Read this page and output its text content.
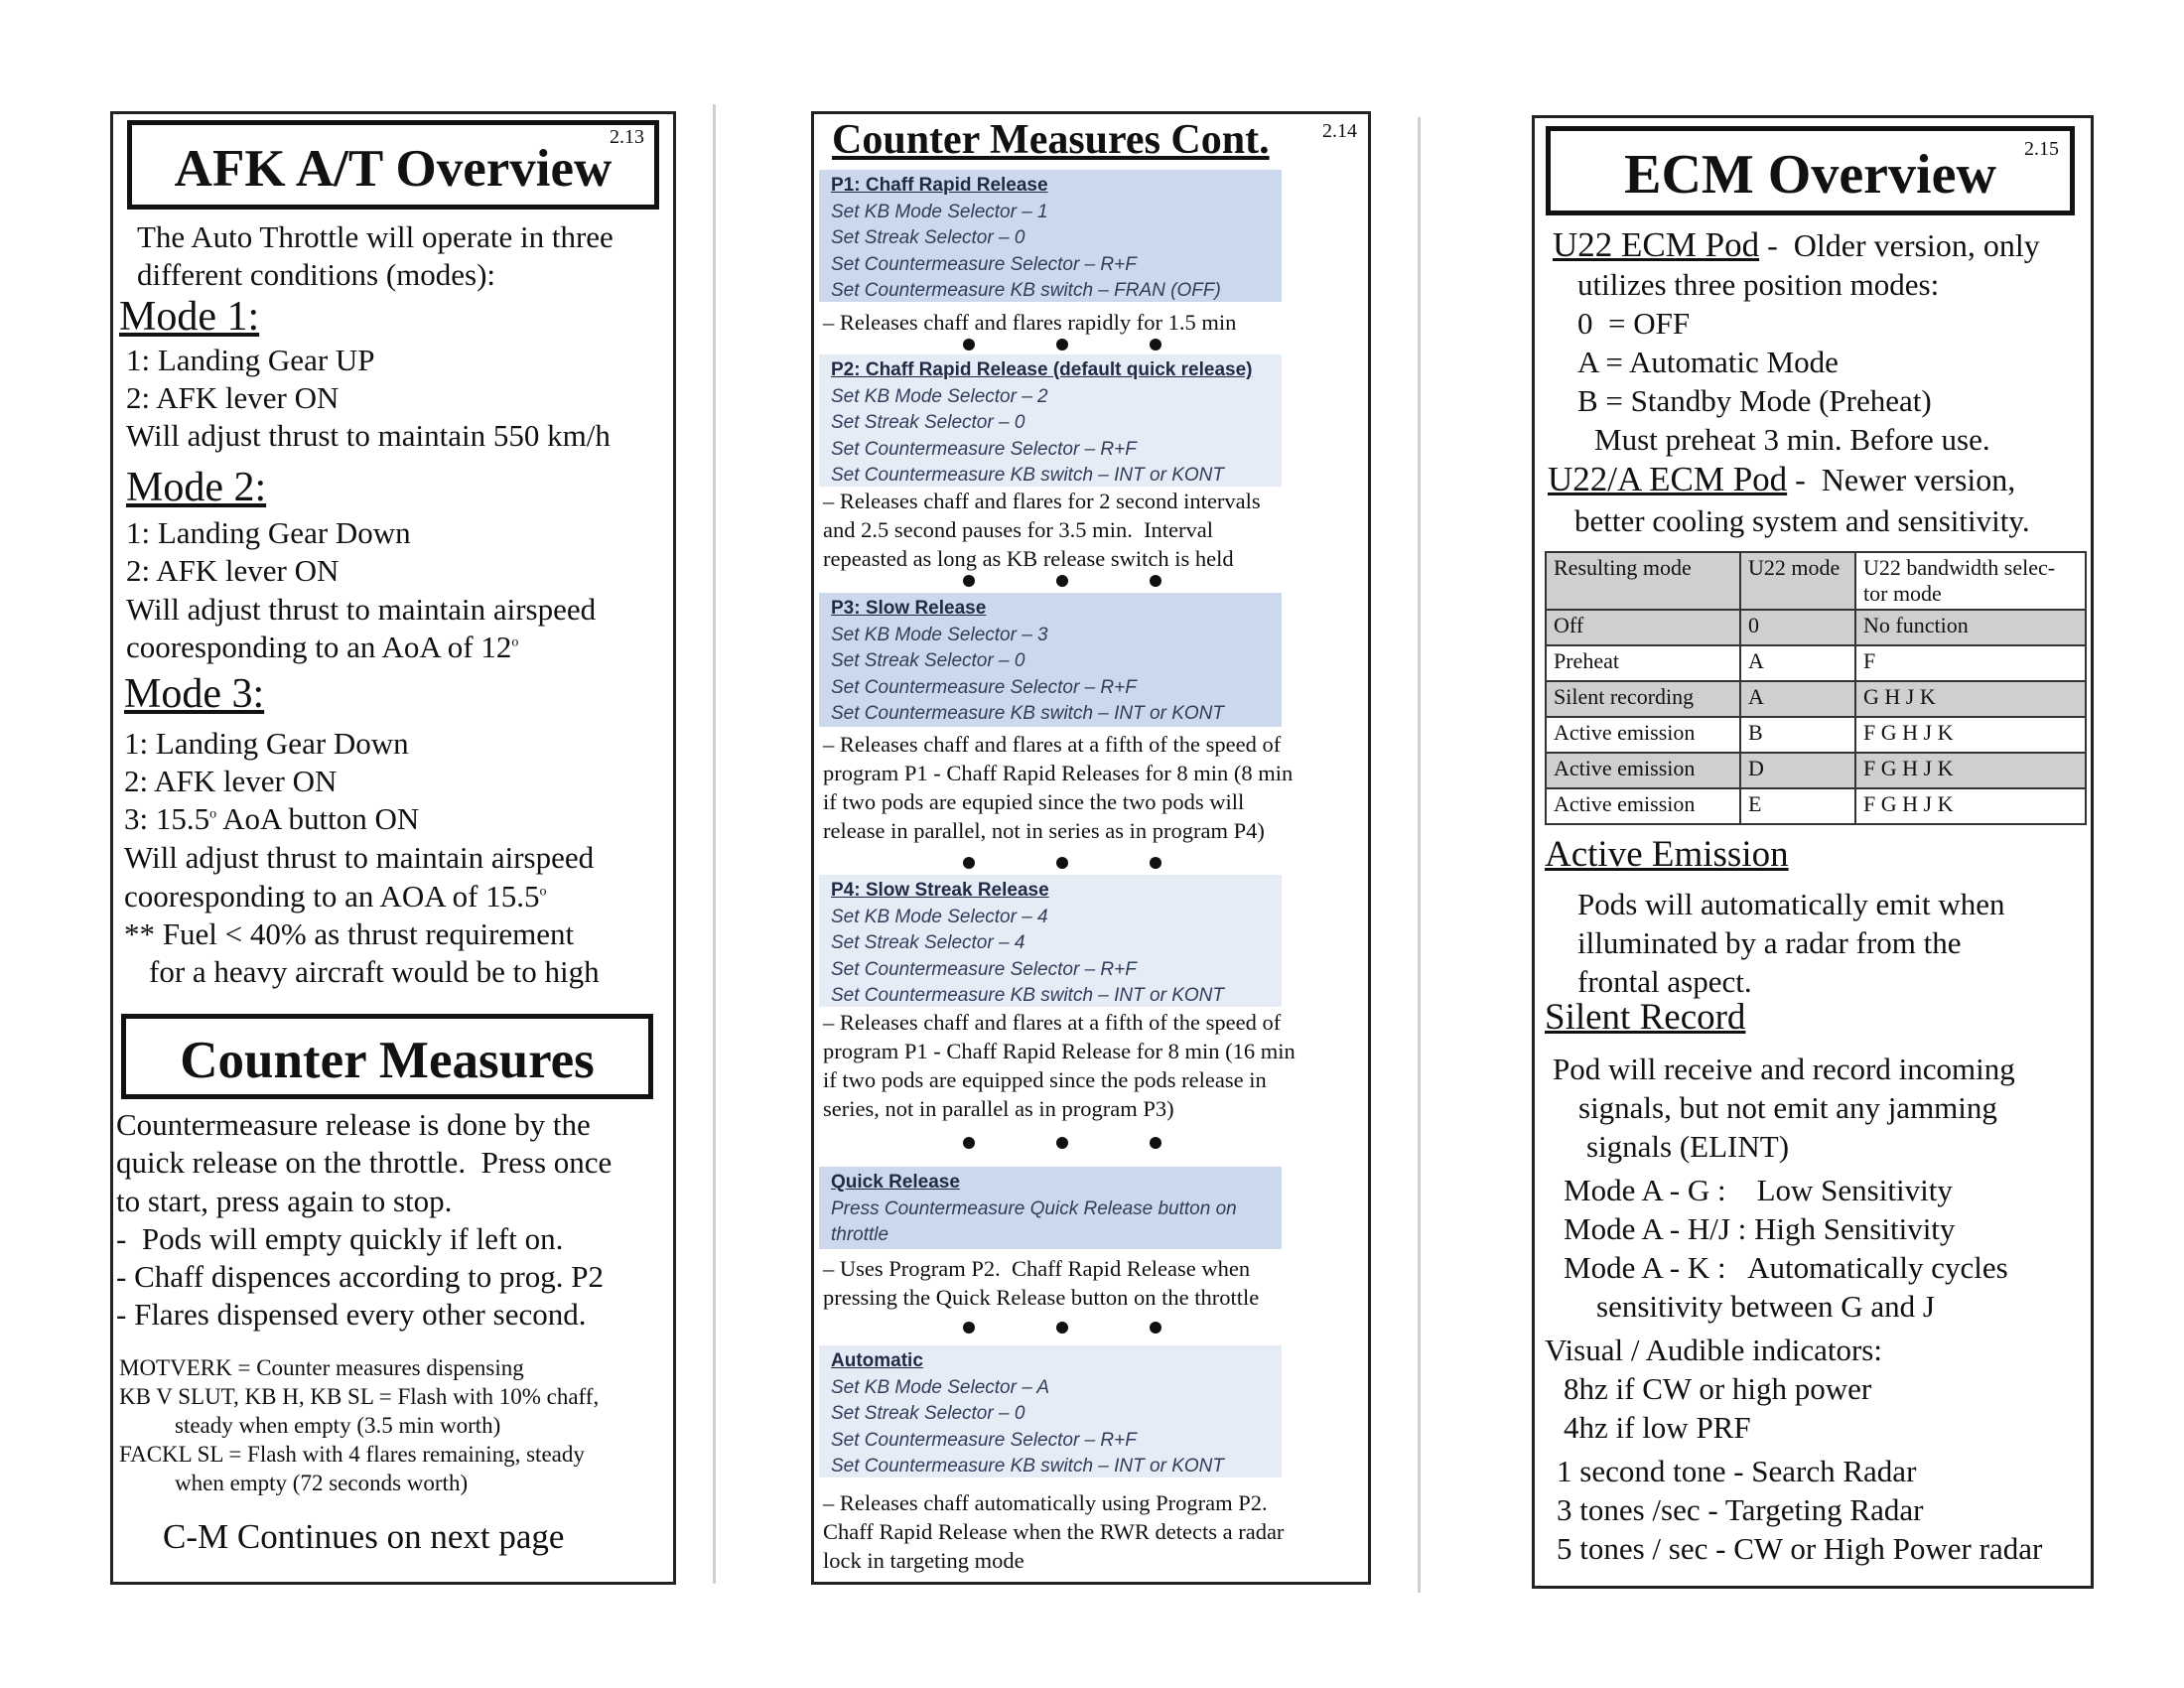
AFK A/T Overview
2.13
The Auto Throttle will operate in three
different conditions (modes):
Mode 1:
1: Landing Gear UP
2: AFK lever ON
Will adjust thrust to maintain 550 km/h
Mode 2:
1: Landing Gear Down
2: AFK lever ON
Will adjust thrust to maintain airspeed
cooresponding to an AoA of 12$^o$
Mode 3:
1: Landing Gear Down
2: AFK lever ON
3: 15.5$^o$ AoA button ON
Will adjust thrust to maintain airspeed
cooresponding to an AOA of 15.5$^o$
** Fuel < 40% as thrust requirement
for a heavy aircraft would be to high
Counter Measures
Countermeasure release is done by the
quick release on the throttle.  Press once
to start, press again to stop.
-  Pods will empty quickly if left on.
- Chaff dispences according to prog. P2
- Flares dispensed every other second.
MOTVERK = Counter measures dispensing
KB V SLUT, KB H, KB SL = Flash with 10% chaff,
steady when empty (3.5 min worth)
FACKL SL = Flash with 4 flares remaining, steady
when empty (72 seconds worth)
C-M Continues on next page
Counter Measures Cont.	2.14
P1: Chaff Rapid Release
Set KB Mode Selector – 1
Set Streak Selector – 0
Set Countermeasure Selector – R+F
Set Countermeasure KB switch – FRAN (OFF)
– Releases chaff and flares rapidly for 1.5 min
P2: Chaff Rapid Release (default quick release)
Set KB Mode Selector – 2
Set Streak Selector – 0
Set Countermeasure Selector – R+F
Set Countermeasure KB switch – INT or KONT
– Releases chaff and flares for 2 second intervals
and 2.5 second pauses for 3.5 min.  Interval
repeasted as long as KB release switch is held
P3: Slow Release
Set KB Mode Selector – 3
Set Streak Selector – 0
Set Countermeasure Selector – R+F
Set Countermeasure KB switch – INT or KONT
– Releases chaff and flares at a fifth of the speed of
program P1 - Chaff Rapid Releases for 8 min (8 min
if two pods are equpied since the two pods will
release in parallel, not in series as in program P4)
P4: Slow Streak Release
Set KB Mode Selector – 4
Set Streak Selector – 4
Set Countermeasure Selector – R+F
Set Countermeasure KB switch – INT or KONT
– Releases chaff and flares at a fifth of the speed of
program P1 - Chaff Rapid Release for 8 min (16 min
if two pods are equipped since the pods release in
series, not in parallel as in program P3)
Quick Release
Press Countermeasure Quick Release button on
throttle
– Uses Program P2.  Chaff Rapid Release when
pressing the Quick Release button on the throttle
Automatic
Set KB Mode Selector – A
Set Streak Selector – 0
Set Countermeasure Selector – R+F
Set Countermeasure KB switch – INT or KONT
– Releases chaff automatically using Program P2.
Chaff Rapid Release when the RWR detects a radar
lock in targeting mode
ECM Overview	2.15
U22 ECM Pod -  Older version, only
utilizes three position modes:
0  = OFF
A = Automatic Mode
B = Standby Mode (Preheat)
Must preheat 3 min. Before use.
U22/A ECM Pod -  Newer version,
better cooling system and sensitivity.
Resulting mode	U22 mode	U22 bandwidth selec-
tor mode
Off	0	No function
Preheat	A	F
Silent recording	A	G H J K
Active emission	B	F G H J K
Active emission	D	F G H J K
Active emission	E	F G H J K
Active Emission
Pods will automatically emit when
illuminated by a radar from the
frontal aspect.
Silent Record
Pod will receive and record incoming
signals, but not emit any jamming
signals (ELINT)
Mode A - G :    Low Sensitivity
Mode A - H/J : High Sensitivity
Mode A - K :   Automatically cycles
sensitivity between G and J
Visual / Audible indicators:
8hz if CW or high power
4hz if low PRF
1 second tone - Search Radar
3 tones /sec - Targeting Radar
5 tones / sec - CW or High Power radar
